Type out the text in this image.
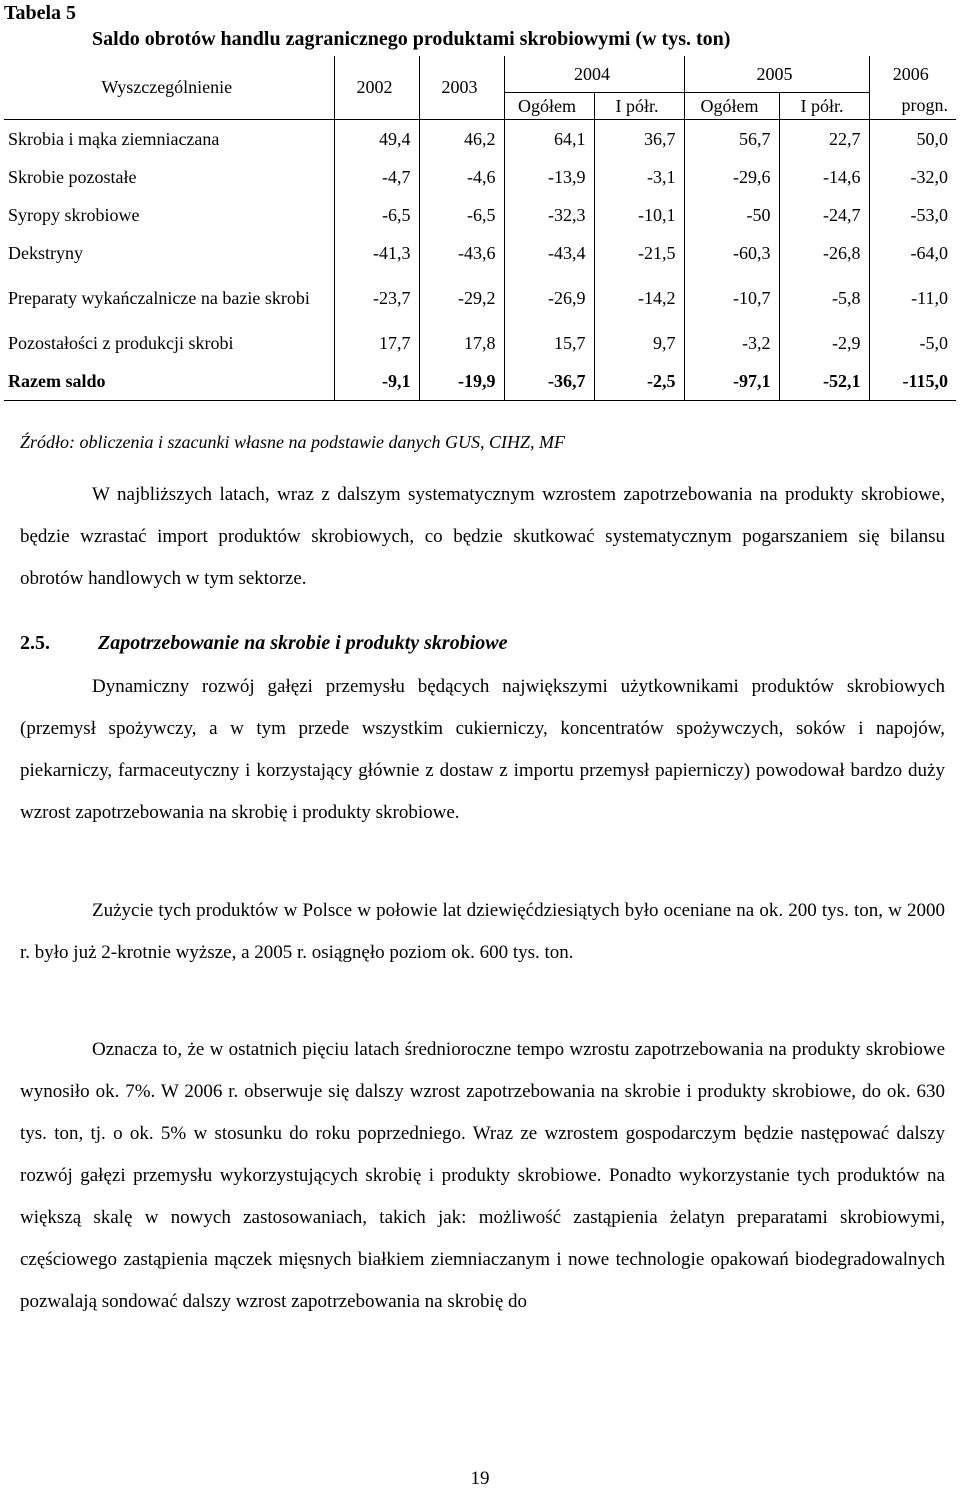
Tabela 5
Saldo obrotów handlu zagranicznego produktami skrobiowymi (w tys. ton)
Wyszczególnienie	2002	2003	2004		2005		2006
			Ogółem	I półr.	Ogółem	I półr.	progn.
Skrobia i mąka ziemniaczana	49,4	46,2	64,1	36,7	56,7	22,7	50,0
Skrobie pozostałe	-4,7	-4,6	-13,9	-3,1	-29,6	-14,6	-32,0
Syropy skrobiowe	-6,5	-6,5	-32,3	-10,1	-50	-24,7	-53,0
Dekstryny	-41,3	-43,6	-43,4	-21,5	-60,3	-26,8	-64,0
Preparaty wykańczalnicze na bazie skrobi	-23,7	-29,2	-26,9	-14,2	-10,7	-5,8	-11,0
Pozostałości z produkcji skrobi	17,7	17,8	15,7	9,7	-3,2	-2,9	-5,0
Razem saldo	-9,1	-19,9	-36,7	-2,5	-97,1	-52,1	-115,0
Źródło: obliczenia i szacunki własne na podstawie danych GUS, CIHZ, MF

W najbliższych latach, wraz z dalszym systematycznym wzrostem zapotrzebowania na produkty skrobiowe, będzie wzrastać import produktów skrobiowych, co będzie skutkować systematycznym pogarszaniem się bilansu obrotów handlowych w tym sektorze.

2.5. Zapotrzebowanie na skrobie i produkty skrobiowe

Dynamiczny rozwój gałęzi przemysłu będących największymi użytkownikami produktów skrobiowych (przemysł spożywczy, a w tym przede wszystkim cukierniczy, koncentratów spożywczych, soków i napojów, piekarniczy, farmaceutyczny i korzystający głównie z dostaw z importu przemysł papierniczy) powodował bardzo duży wzrost zapotrzebowania na skrobię i produkty skrobiowe.

Zużycie tych produktów w Polsce w połowie lat dziewięćdziesiątych było oceniane na ok. 200 tys. ton, w 2000 r. było już 2-krotnie wyższe, a 2005 r. osiągnęło poziom ok. 600 tys. ton.

Oznacza to, że w ostatnich pięciu latach średnioroczne tempo wzrostu zapotrzebowania na produkty skrobiowe wynosiło ok. 7%. W 2006 r. obserwuje się dalszy wzrost zapotrzebowania na skrobie i produkty skrobiowe, do ok. 630 tys. ton, tj. o ok. 5% w stosunku do roku poprzedniego. Wraz ze wzrostem gospodarczym będzie następować dalszy rozwój gałęzi przemysłu wykorzystujących skrobię i produkty skrobiowe. Ponadto wykorzystanie tych produktów na większą skalę w nowych zastosowaniach, takich jak: możliwość zastąpienia żelatyn preparatami skrobiowymi, częściowego zastąpienia mączek mięsnych białkiem ziemniaczanym i nowe technologie opakowań biodegradowalnych pozwalają sondować dalszy wzrost zapotrzebowania na skrobię do

19
